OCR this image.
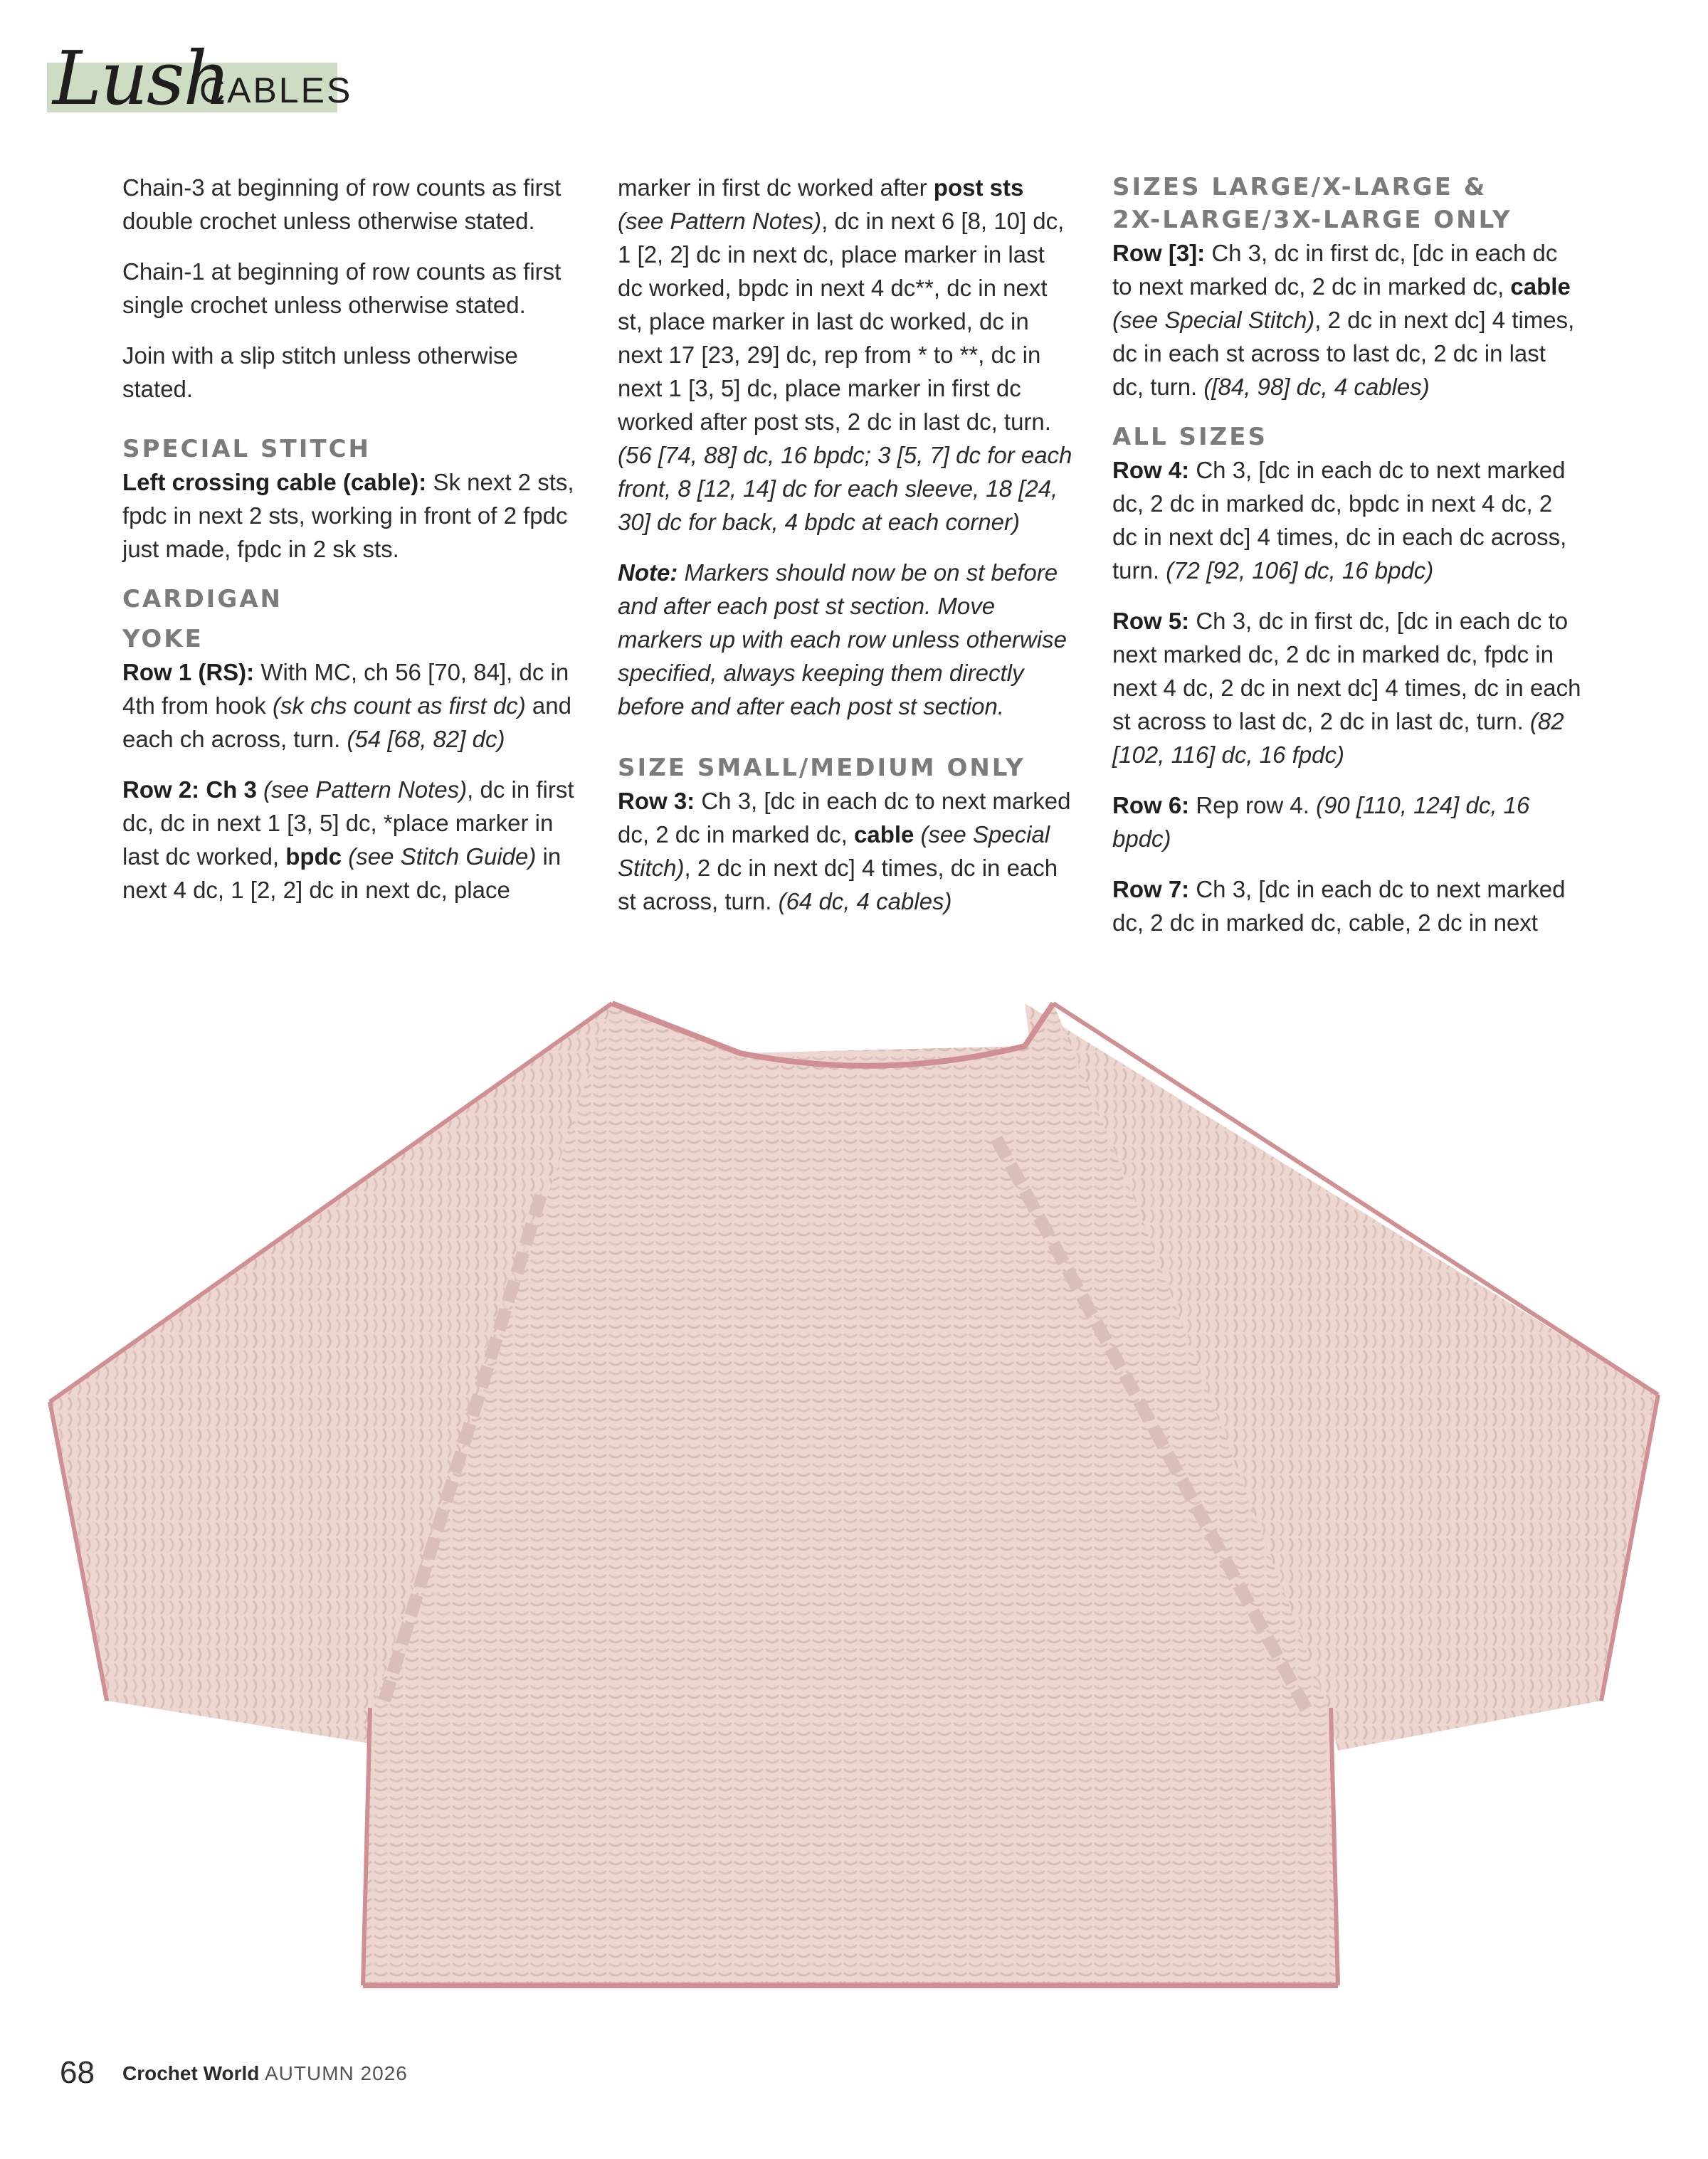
Lush
CABLES

Chain-3 at beginning of row counts as first double crochet unless otherwise stated.

Chain-1 at beginning of row counts as first single crochet unless otherwise stated.

Join with a slip stitch unless otherwise stated.

SPECIAL STITCH

Left crossing cable (cable): Sk next 2 sts, fpdc in next 2 sts, working in front of 2 fpdc just made, fpdc in 2 sk sts.

CARDIGAN
YOKE

Row 1 (RS): With MC, ch 56 [70, 84], dc in 4th from hook (sk chs count as first dc) and each ch across, turn. (54 [68, 82] dc)

Row 2: Ch 3 (see Pattern Notes), dc in first dc, dc in next 1 [3, 5] dc, *place marker in last dc worked, bpdc (see Stitch Guide) in next 4 dc, 1 [2, 2] dc in next dc, place

marker in first dc worked after post sts (see Pattern Notes), dc in next 6 [8, 10] dc, 1 [2, 2] dc in next dc, place marker in last dc worked, bpdc in next 4 dc**, dc in next st, place marker in last dc worked, dc in next 17 [23, 29] dc, rep from * to **, dc in next 1 [3, 5] dc, place marker in first dc worked after post sts, 2 dc in last dc, turn. (56 [74, 88] dc, 16 bpdc; 3 [5, 7] dc for each front, 8 [12, 14] dc for each sleeve, 18 [24, 30] dc for back, 4 bpdc at each corner)

Note: Markers should now be on st before and after each post st section. Move markers up with each row unless otherwise specified, always keeping them directly before and after each post st section.

SIZE SMALL/MEDIUM ONLY

Row 3: Ch 3, [dc in each dc to next marked dc, 2 dc in marked dc, cable (see Special Stitch), 2 dc in next dc] 4 times, dc in each st across, turn. (64 dc, 4 cables)

SIZES LARGE/X-LARGE &
2X-LARGE/3X-LARGE ONLY

Row [3]: Ch 3, dc in first dc, [dc in each dc to next marked dc, 2 dc in marked dc, cable (see Special Stitch), 2 dc in next dc] 4 times, dc in each st across to last dc, 2 dc in last dc, turn. ([84, 98] dc, 4 cables)

ALL SIZES

Row 4: Ch 3, [dc in each dc to next marked dc, 2 dc in marked dc, bpdc in next 4 dc, 2 dc in next dc] 4 times, dc in each dc across, turn. (72 [92, 106] dc, 16 bpdc)

Row 5: Ch 3, dc in first dc, [dc in each dc to next marked dc, 2 dc in marked dc, fpdc in next 4 dc, 2 dc in next dc] 4 times, dc in each st across to last dc, 2 dc in last dc, turn. (82 [102, 116] dc, 16 fpdc)

Row 6: Rep row 4. (90 [110, 124] dc, 16 bpdc)

Row 7: Ch 3, [dc in each dc to next marked dc, 2 dc in marked dc, cable, 2 dc in next

68 Crochet World AUTUMN 2026
